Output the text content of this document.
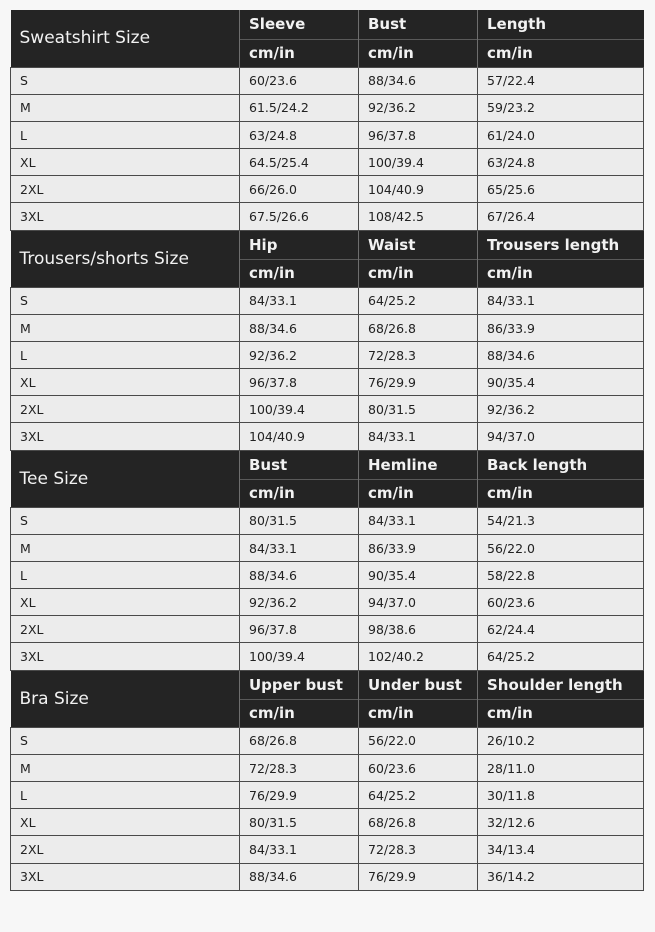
Sweatshirt Size	Sleeve	Bust	Length
	cm/in	cm/in	cm/in
S	60/23.6	88/34.6	57/22.4
M	61.5/24.2	92/36.2	59/23.2
L	63/24.8	96/37.8	61/24.0
XL	64.5/25.4	100/39.4	63/24.8
2XL	66/26.0	104/40.9	65/25.6
3XL	67.5/26.6	108/42.5	67/26.4
Trousers/shorts Size	Hip	Waist	Trousers length
	cm/in	cm/in	cm/in
S	84/33.1	64/25.2	84/33.1
M	88/34.6	68/26.8	86/33.9
L	92/36.2	72/28.3	88/34.6
XL	96/37.8	76/29.9	90/35.4
2XL	100/39.4	80/31.5	92/36.2
3XL	104/40.9	84/33.1	94/37.0
Tee Size	Bust	Hemline	Back length
	cm/in	cm/in	cm/in
S	80/31.5	84/33.1	54/21.3
M	84/33.1	86/33.9	56/22.0
L	88/34.6	90/35.4	58/22.8
XL	92/36.2	94/37.0	60/23.6
2XL	96/37.8	98/38.6	62/24.4
3XL	100/39.4	102/40.2	64/25.2
Bra Size	Upper bust	Under bust	Shoulder length
	cm/in	cm/in	cm/in
S	68/26.8	56/22.0	26/10.2
M	72/28.3	60/23.6	28/11.0
L	76/29.9	64/25.2	30/11.8
XL	80/31.5	68/26.8	32/12.6
2XL	84/33.1	72/28.3	34/13.4
3XL	88/34.6	76/29.9	36/14.2
